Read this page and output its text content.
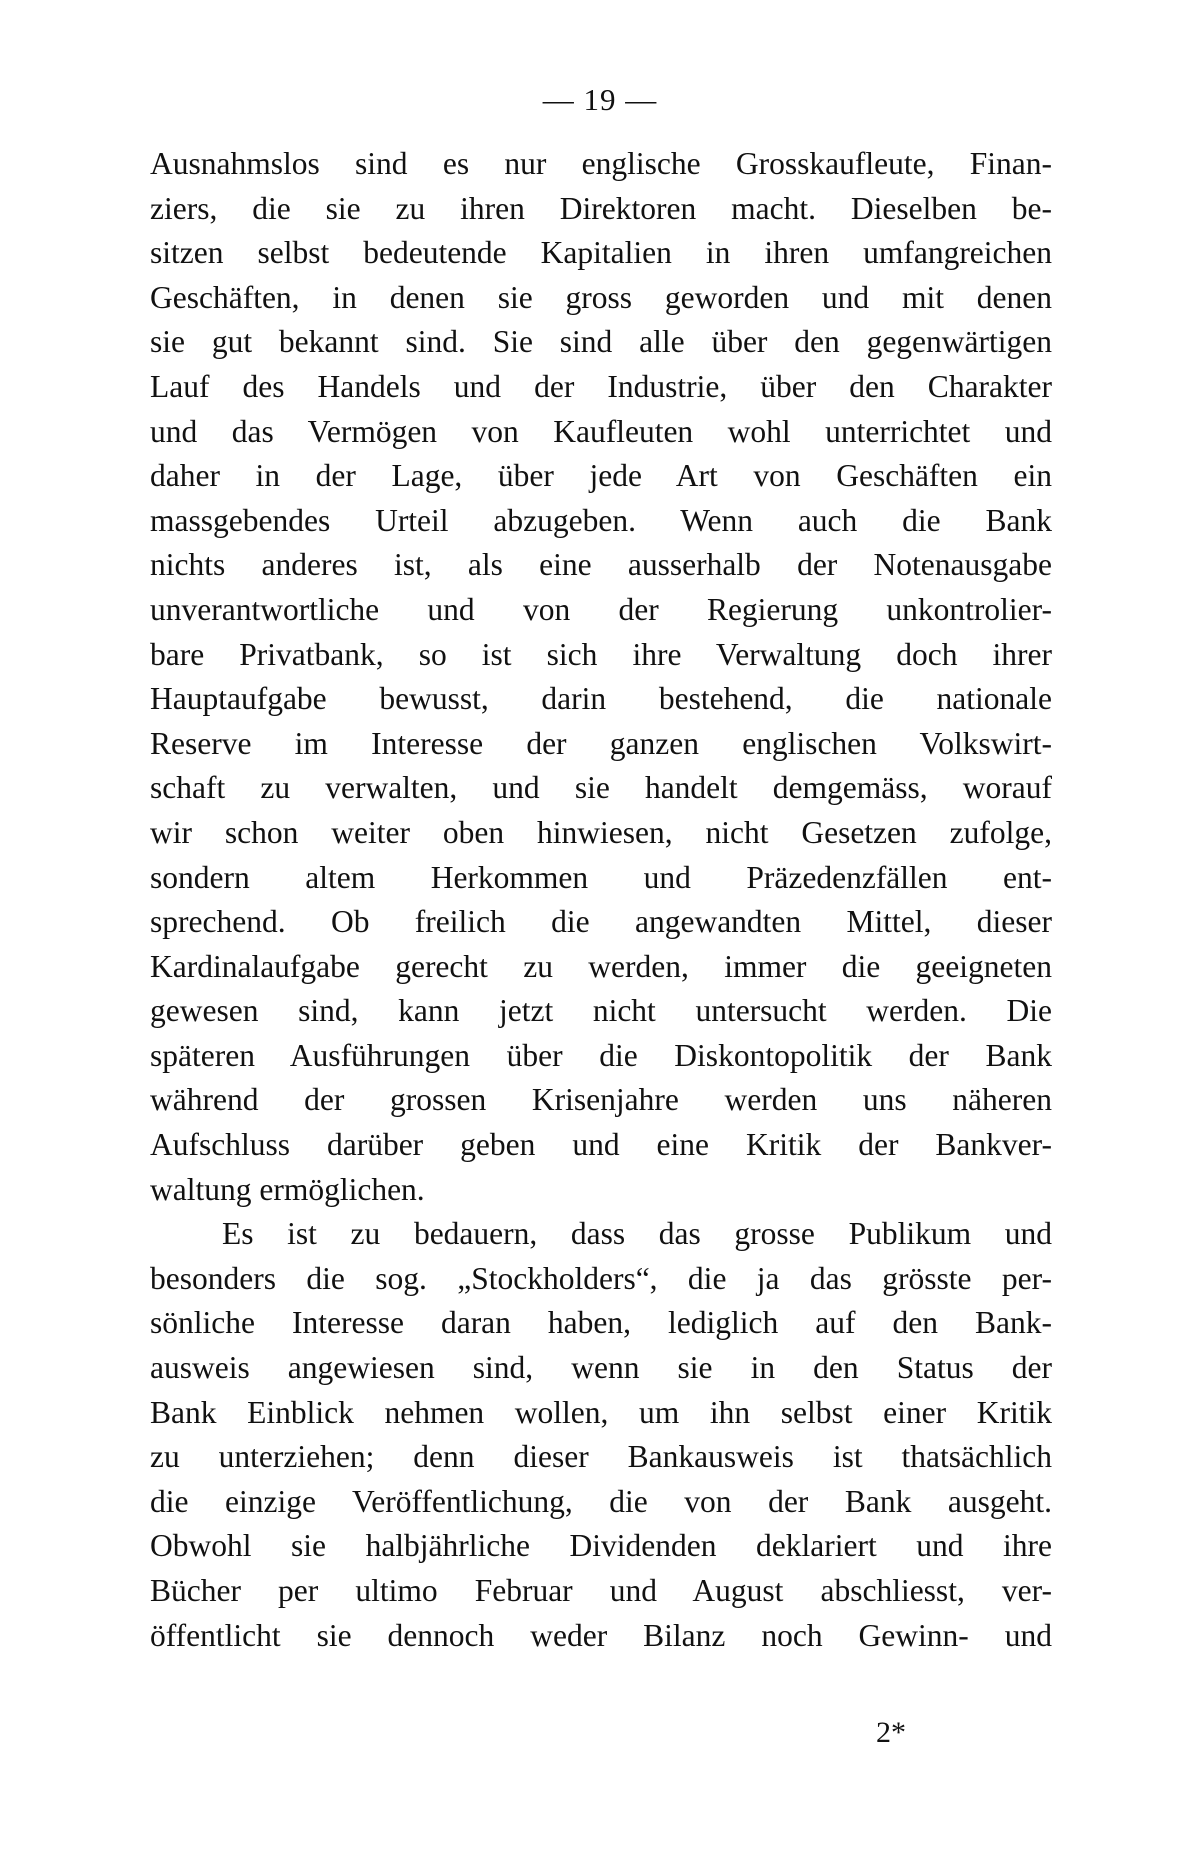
— 19 —
Ausnahmslos sind es nur englische Grosskaufleute, Finan-
ziers, die sie zu ihren Direktoren macht. Dieselben be-
sitzen selbst bedeutende Kapitalien in ihren umfangreichen
Geschäften, in denen sie gross geworden und mit denen
sie gut bekannt sind. Sie sind alle über den gegenwärtigen
Lauf des Handels und der Industrie, über den Charakter
und das Vermögen von Kaufleuten wohl unterrichtet und
daher in der Lage, über jede Art von Geschäften ein
massgebendes Urteil abzugeben. Wenn auch die Bank
nichts anderes ist, als eine ausserhalb der Notenausgabe
unverantwortliche und von der Regierung unkontrolier-
bare Privatbank, so ist sich ihre Verwaltung doch ihrer
Hauptaufgabe bewusst, darin bestehend, die nationale
Reserve im Interesse der ganzen englischen Volkswirt-
schaft zu verwalten, und sie handelt demgemäss, worauf
wir schon weiter oben hinwiesen, nicht Gesetzen zufolge,
sondern altem Herkommen und Präzedenzfällen ent-
sprechend. Ob freilich die angewandten Mittel, dieser
Kardinalaufgabe gerecht zu werden, immer die geeigneten
gewesen sind, kann jetzt nicht untersucht werden. Die
späteren Ausführungen über die Diskontopolitik der Bank
während der grossen Krisenjahre werden uns näheren
Aufschluss darüber geben und eine Kritik der Bankver-
waltung ermöglichen.
Es ist zu bedauern, dass das grosse Publikum und
besonders die sog. „Stockholders“, die ja das grösste per-
sönliche Interesse daran haben, lediglich auf den Bank-
ausweis angewiesen sind, wenn sie in den Status der
Bank Einblick nehmen wollen, um ihn selbst einer Kritik
zu unterziehen; denn dieser Bankausweis ist thatsächlich
die einzige Veröffentlichung, die von der Bank ausgeht.
Obwohl sie halbjährliche Dividenden deklariert und ihre
Bücher per ultimo Februar und August abschliesst, ver-
öffentlicht sie dennoch weder Bilanz noch Gewinn- und
2*
